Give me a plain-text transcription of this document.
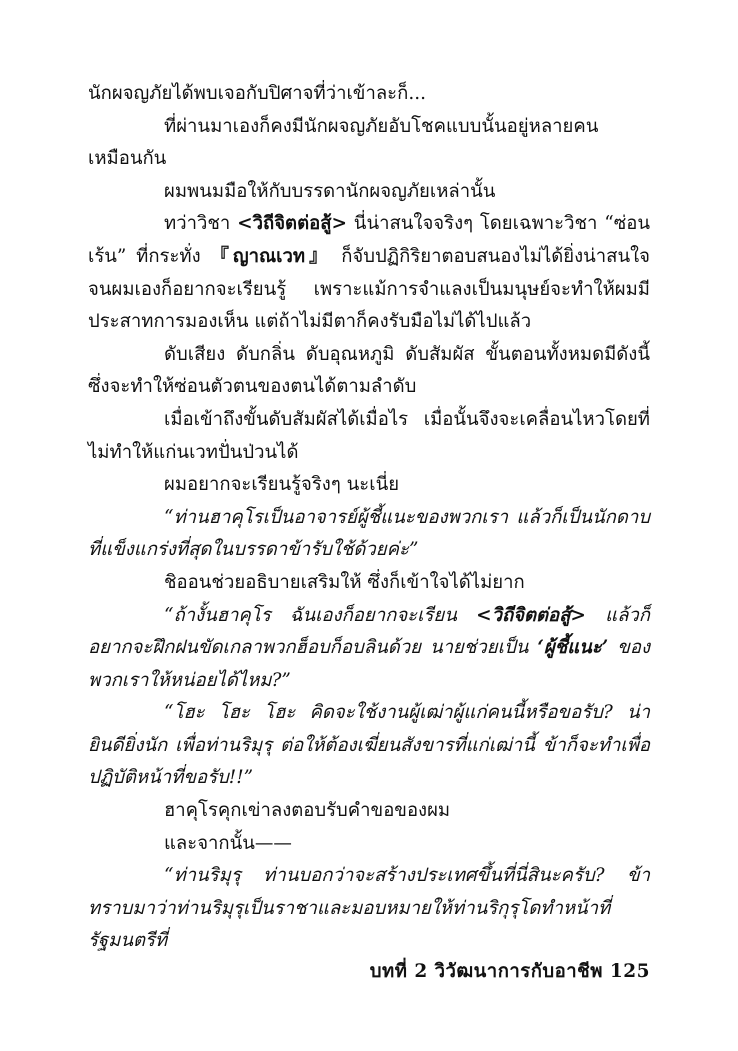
นักผจญภัยได้พบเจอกับปิศาจที่ว่าเข้าละก็...

ที่ผ่านมาเองก็คงมีนักผจญภัยอับโชคแบบนั้นอยู่หลายคนเหมือนกัน

ผมพนมมือให้กับบรรดานักผจญภัยเหล่านั้น

ทว่าวิชา <วิถีจิตต่อสู้> นี่น่าสนใจจริงๆ โดยเฉพาะวิชา “ซ่อนเร้น” ที่กระทั่ง 『ญาณเวท』 ก็จับปฏิกิริยาตอบสนองไม่ได้ยิ่งน่าสนใจ จนผมเองก็อยากจะเรียนรู้ เพราะแม้การจำแลงเป็นมนุษย์จะทำให้ผมมีประสาทการมองเห็น แต่ถ้าไม่มีตาก็คงรับมือไม่ได้ไปแล้ว

ดับเสียง ดับกลิ่น ดับอุณหภูมิ ดับสัมผัส ขั้นตอนทั้งหมดมีดังนี้ ซึ่งจะทำให้ซ่อนตัวตนของตนได้ตามลำดับ

เมื่อเข้าถึงขั้นดับสัมผัสได้เมื่อไร เมื่อนั้นจึงจะเคลื่อนไหวโดยที่ไม่ทำให้แก่นเวทปั่นป่วนได้

ผมอยากจะเรียนรู้จริงๆ นะเนี่ย

“ท่านฮาคุโรเป็นอาจารย์ผู้ชี้แนะของพวกเรา แล้วก็เป็นนักดาบที่แข็งแกร่งที่สุดในบรรดาข้ารับใช้ด้วยค่ะ”

ชิออนช่วยอธิบายเสริมให้ ซึ่งก็เข้าใจได้ไม่ยาก

“ถ้างั้นฮาคุโร ฉันเองก็อยากจะเรียน <วิถีจิตต่อสู้> แล้วก็อยากจะฝึกฝนขัดเกลาพวกฮ็อบก็อบลินด้วย นายช่วยเป็น ‘ผู้ชี้แนะ’ ของพวกเราให้หน่อยได้ไหม?”

“โฮะ โฮะ โฮะ คิดจะใช้งานผู้เฒ่าผู้แก่คนนี้หรือขอรับ? น่ายินดียิ่งนัก เพื่อท่านริมุรุ ต่อให้ต้องเฆี่ยนสังขารที่แก่เฒ่านี้ ข้าก็จะทำเพื่อปฏิบัติหน้าที่ขอรับ!!”

ฮาคุโรคุกเข่าลงตอบรับคำขอของผม

และจากนั้น——

“ท่านริมุรุ ท่านบอกว่าจะสร้างประเทศขึ้นที่นี่สินะครับ? ข้าทราบมาว่าท่านริมุรุเป็นราชาและมอบหมายให้ท่านริกุรุโดทำหน้าที่รัฐมนตรีที่

บทที่ 2 วิวัฒนาการกับอาชีพ 125
